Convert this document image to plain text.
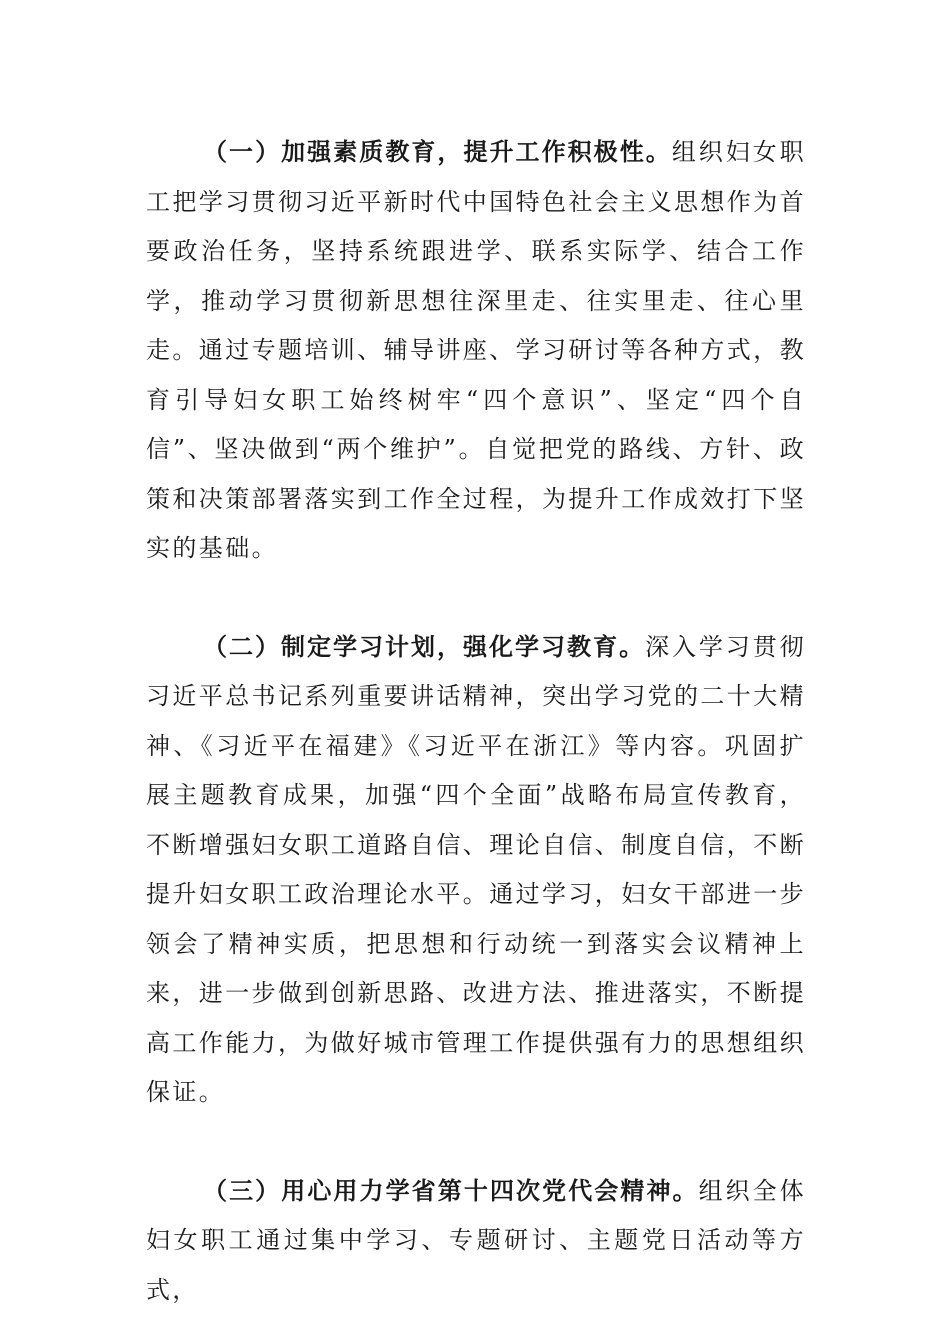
（一）加强素质教育，提升工作积极性。组织妇女职工把学习贯彻习近平新时代中国特色社会主义思想作为首要政治任务，坚持系统跟进学、联系实际学、结合工作学，推动学习贯彻新思想往深里走、往实里走、往心里走。通过专题培训、辅导讲座、学习研讨等各种方式，教育引导妇女职工始终树牢“四个意识”、坚定“四个自信”、坚决做到“两个维护”。自觉把党的路线、方针、政策和决策部署落实到工作全过程，为提升工作成效打下坚实的基础。

（二）制定学习计划，强化学习教育。深入学习贯彻习近平总书记系列重要讲话精神，突出学习党的二十大精神、《习近平在福建》《习近平在浙江》等内容。巩固扩展主题教育成果，加强“四个全面”战略布局宣传教育，不断增强妇女职工道路自信、理论自信、制度自信，不断提升妇女职工政治理论水平。通过学习，妇女干部进一步领会了精神实质，把思想和行动统一到落实会议精神上来，进一步做到创新思路、改进方法、推进落实，不断提高工作能力，为做好城市管理工作提供强有力的思想组织保证。

（三）用心用力学省第十四次党代会精神。组织全体妇女职工通过集中学习、专题研讨、主题党日活动等方式，
